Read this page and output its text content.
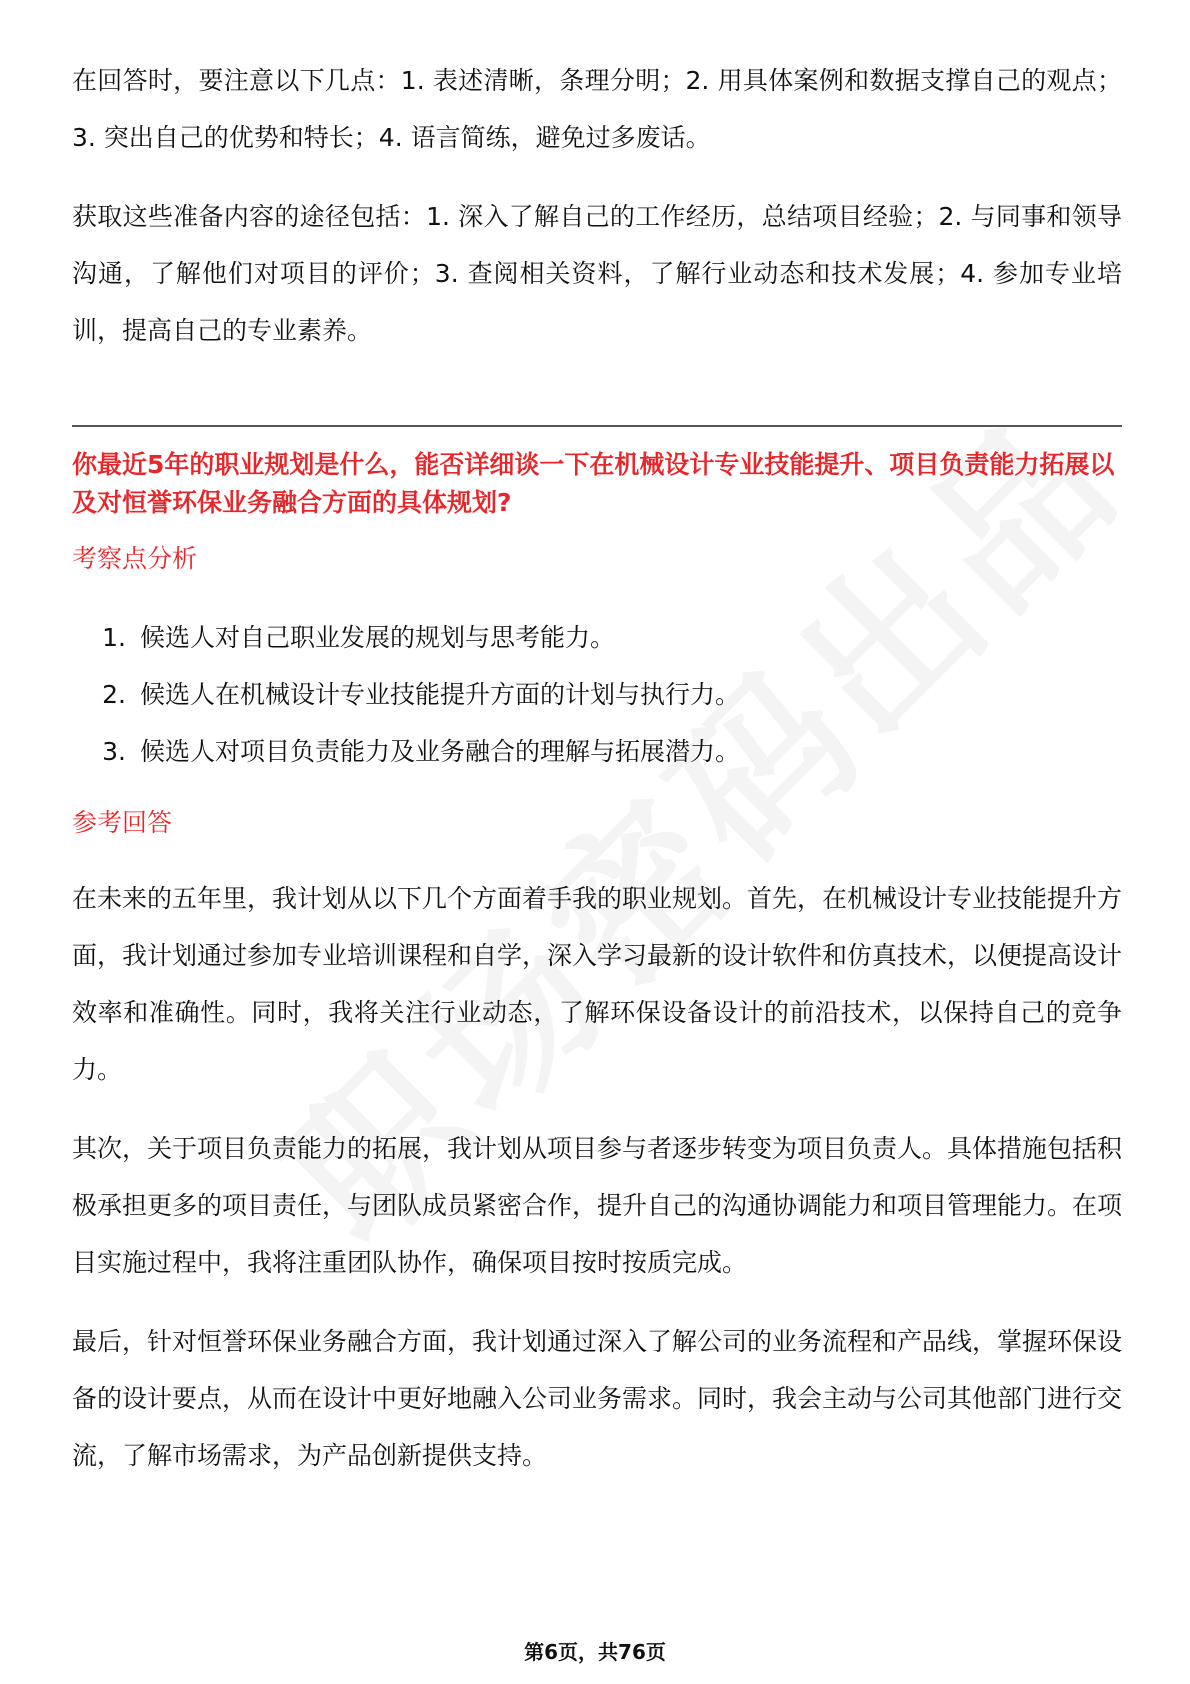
在回答时，要注意以下几点：1. 表述清晰，条理分明；2. 用具体案例和数据支撑自己的观点；3. 突出自己的优势和特长；4. 语言简练，避免过多废话。

获取这些准备内容的途径包括：1. 深入了解自己的工作经历，总结项目经验；2. 与同事和领导沟通，了解他们对项目的评价；3. 查阅相关资料，了解行业动态和技术发展；4. 参加专业培训，提高自己的专业素养。

你最近5年的职业规划是什么，能否详细谈一下在机械设计专业技能提升、项目负责能力拓展以及对恒誉环保业务融合方面的具体规划?

考察点分析

1. 候选人对自己职业发展的规划与思考能力。
2. 候选人在机械设计专业技能提升方面的计划与执行力。
3. 候选人对项目负责能力及业务融合的理解与拓展潜力。

参考回答

在未来的五年里，我计划从以下几个方面着手我的职业规划。首先，在机械设计专业技能提升方面，我计划通过参加专业培训课程和自学，深入学习最新的设计软件和仿真技术，以便提高设计效率和准确性。同时，我将关注行业动态，了解环保设备设计的前沿技术，以保持自己的竞争力。

其次，关于项目负责能力的拓展，我计划从项目参与者逐步转变为项目负责人。具体措施包括积极承担更多的项目责任，与团队成员紧密合作，提升自己的沟通协调能力和项目管理能力。在项目实施过程中，我将注重团队协作，确保项目按时按质完成。

最后，针对恒誉环保业务融合方面，我计划通过深入了解公司的业务流程和产品线，掌握环保设备的设计要点，从而在设计中更好地融入公司业务需求。同时，我会主动与公司其他部门进行交流，了解市场需求，为产品创新提供支持。

第6页，共76页
